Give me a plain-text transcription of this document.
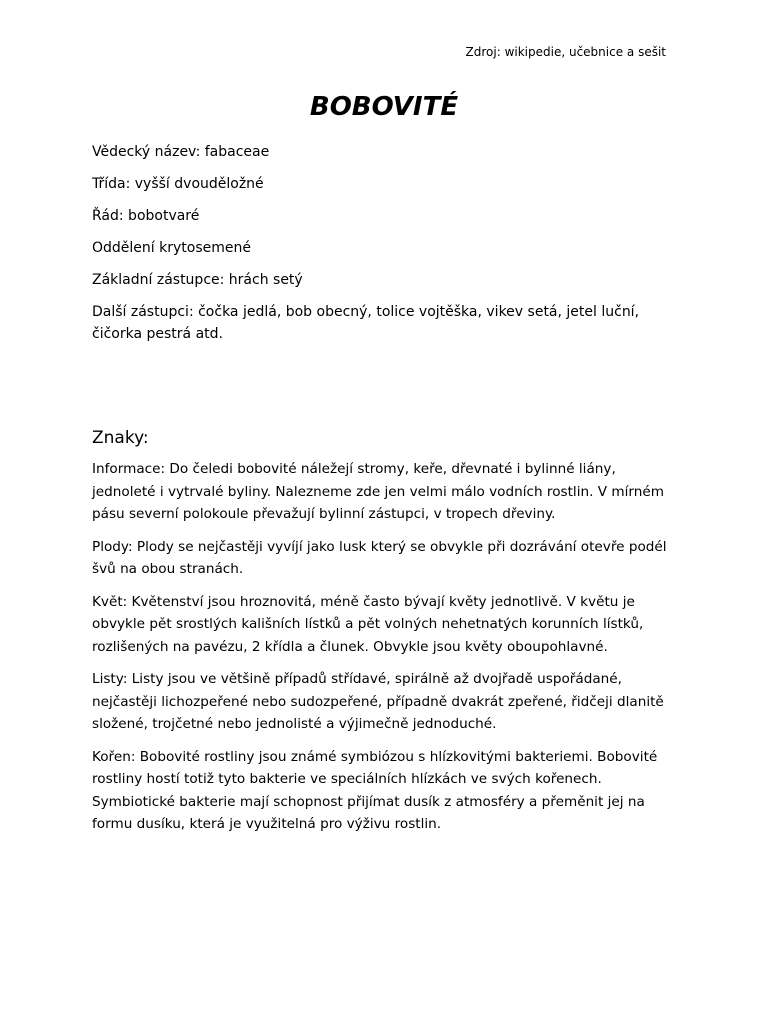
Zdroj: wikipedie, učebnice a sešit
BOBOVITÉ

Vědecký název: fabaceae

Třída: vyšší dvouděložné

Řád: bobotvaré

Oddělení krytosemené

Základní zástupce: hrách setý

Další zástupci: čočka jedlá, bob obecný, tolice vojtěška, vikev setá, jetel luční, čičorka pestrá atd.

Znaky:

Informace: Do čeledi bobovité náležejí stromy, keře, dřevnaté i bylinné liány, jednoleté i vytrvalé byliny. Nalezneme zde jen velmi málo vodních rostlin. V mírném pásu severní polokoule převažují bylinní zástupci, v tropech dřeviny.

Plody: Plody se nejčastěji vyvíjí jako lusk který se obvykle při dozrávání otevře podél švů na obou stranách.

Květ: Květenství jsou hroznovitá, méně často bývají květy jednotlivě. V květu je obvykle pět srostlých kališních lístků a pět volných nehetnatých korunních lístků, rozlišených na pavézu, 2 křídla a člunek. Obvykle jsou květy oboupohlavné.

Listy: Listy jsou ve většině případů střídavé, spirálně až dvojřadě uspořádané, nejčastěji lichozpeřené nebo sudozpeřené, případně dvakrát zpeřené, řidčeji dlanitě složené, trojčetné nebo jednolisté a výjimečně jednoduché.

Kořen: Bobovité rostliny jsou známé symbiózou s hlízkovitými bakteriemi. Bobovité rostliny hostí totiž tyto bakterie ve speciálních hlízkách ve svých kořenech. Symbiotické bakterie mají schopnost přijímat dusík z atmosféry a přeměnit jej na formu dusíku, která je využitelná pro výživu rostlin.
